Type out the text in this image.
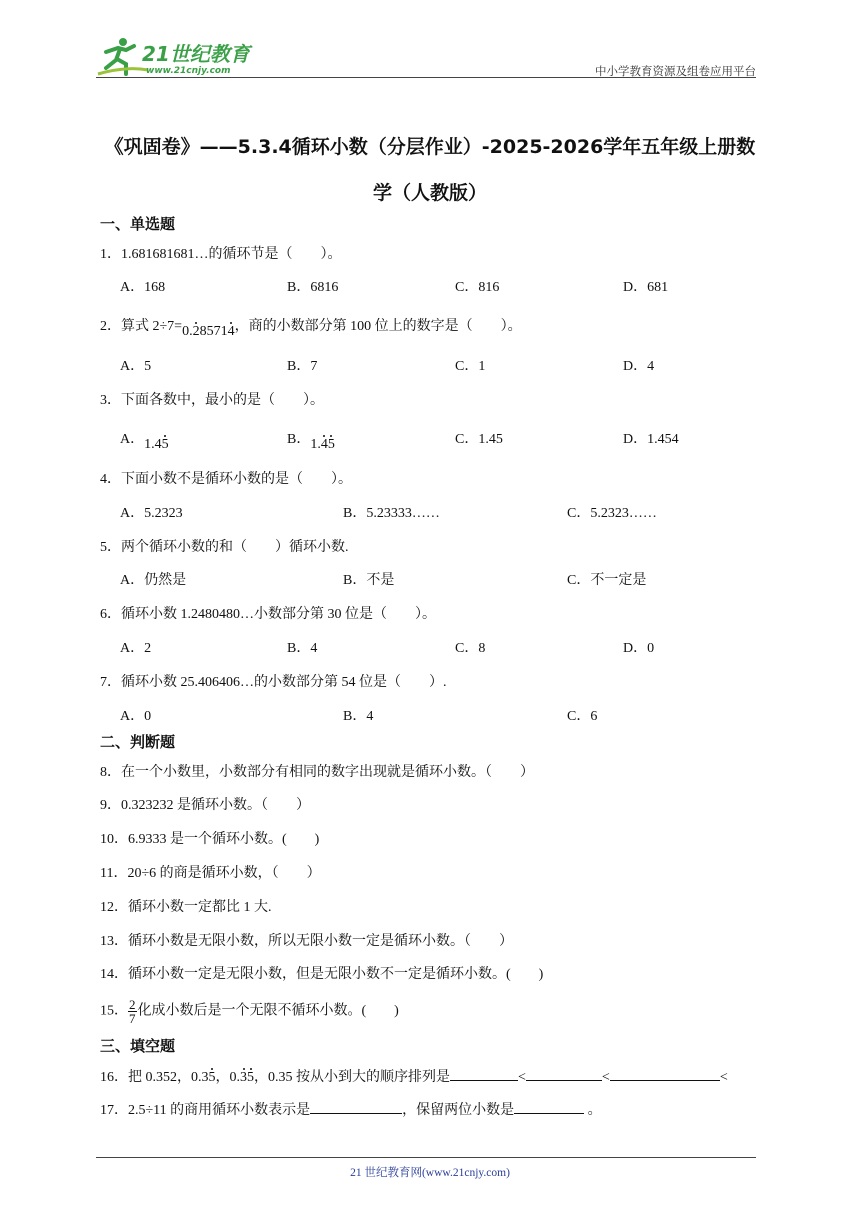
21世纪教育
www.21cnjy.com	中小学教育资源及组卷应用平台
《巩固卷》——5.3.4循环小数（分层作业）-2025-2026学年五年级上册数
学（人教版）
一、单选题
1．1.681681681…的循环节是（　　）。
A．168	B．6816	C．816	D．681
2．算式 2÷7=0.285714，商的小数部分第 100 位上的数字是（　　）。
A．5	B．7	C．1	D．4
3．下面各数中，最小的是（　　）。
A．1.45	B．1.45	C．1.45	D．1.454
4．下面小数不是循环小数的是（　　）。
A．5.2323	B．5.23333……	C．5.2323……
5．两个循环小数的和（　　）循环小数.
A．仍然是	B．不是	C．不一定是
6．循环小数 1.2480480…小数部分第 30 位是（　　）。
A．2	B．4	C．8	D．0
7．循环小数 25.406406…的小数部分第 54 位是（　　）.
A．0	B．4	C．6
二、判断题
8．在一个小数里，小数部分有相同的数字出现就是循环小数。（　　）
9．0.323232 是循环小数。（　　）
10．6.9333 是一个循环小数。(　　)
11．20÷6 的商是循环小数，（　　）
12．循环小数一定都比 1 大.
13．循环小数是无限小数，所以无限小数一定是循环小数。（　　）
14．循环小数一定是无限小数，但是无限小数不一定是循环小数。(　　)
15． $\frac{2}{7}$ 化成小数后是一个无限不循环小数。(　　)
三、填空题
16．把 0.352，0.35，0.35，0.35 按从小到大的顺序排列是	<	<	<
17．2.5÷11 的商用循环小数表示是	，保留两位小数是	。
21 世纪教育网(www.21cnjy.com)
